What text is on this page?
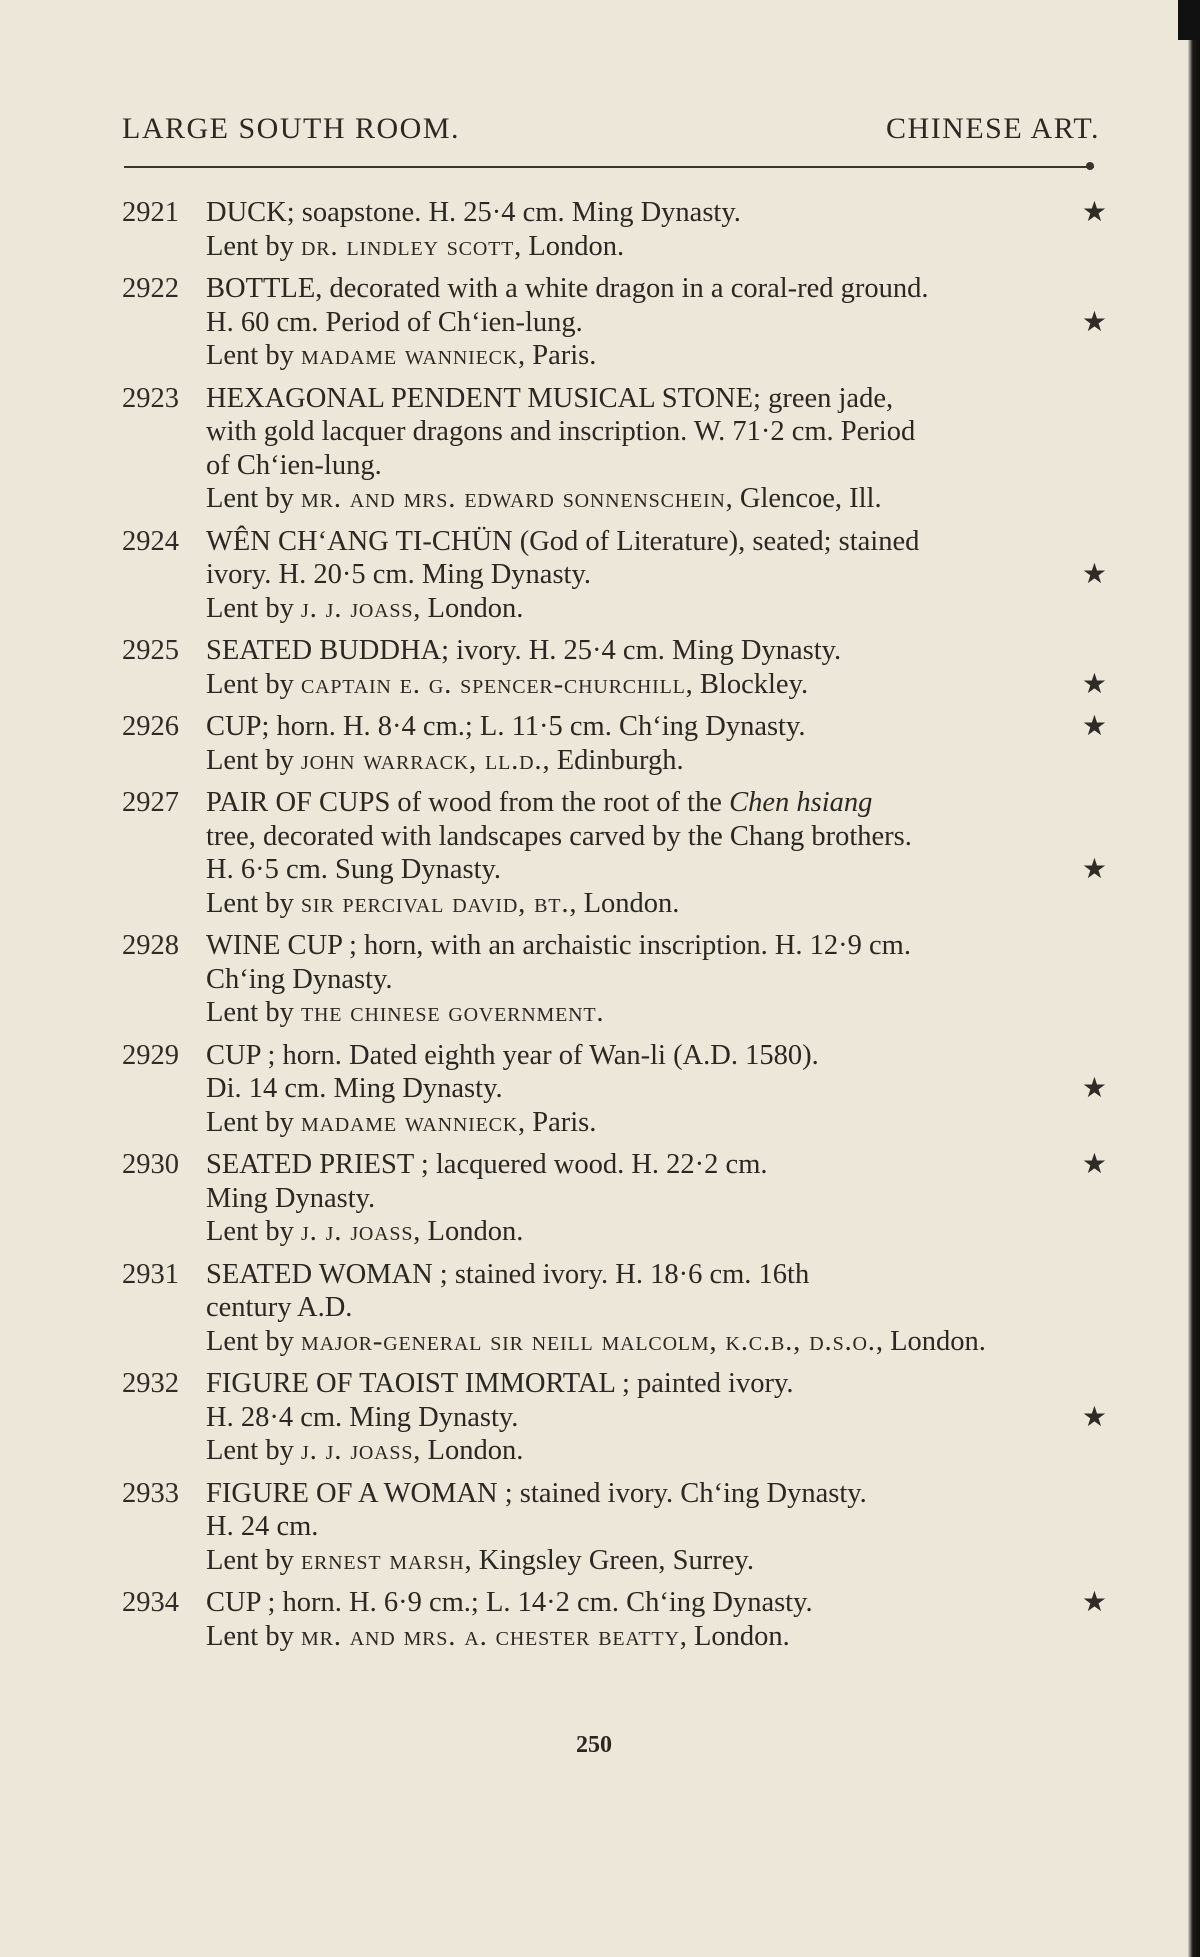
LARGE SOUTH ROOM.	CHINESE ART.
2921 DUCK; soapstone. H. 25·4 cm. Ming Dynasty.	★
Lent by dr. lindley scott, London.
2922 BOTTLE, decorated with a white dragon in a coral-red ground.
H. 60 cm. Period of Ch‘ien-lung.	★
Lent by madame wannieck, Paris.
2923 HEXAGONAL PENDENT MUSICAL STONE; green jade,
with gold lacquer dragons and inscription. W. 71·2 cm. Period
of Ch‘ien-lung.
Lent by mr. and mrs. edward sonnenschein, Glencoe, Ill.
2924 WÊN CH‘ANG TI-CHÜN (God of Literature), seated; stained
ivory. H. 20·5 cm. Ming Dynasty.	★
Lent by j. j. joass, London.
2925 SEATED BUDDHA; ivory. H. 25·4 cm. Ming Dynasty.
Lent by captain e. g. spencer-churchill, Blockley.	★
2926 CUP; horn. H. 8·4 cm.; L. 11·5 cm. Ch‘ing Dynasty.	★
Lent by john warrack, ll.d., Edinburgh.
2927 PAIR OF CUPS of wood from the root of the Chen hsiang
tree, decorated with landscapes carved by the Chang brothers.
H. 6·5 cm. Sung Dynasty.	★
Lent by sir percival david, bt., London.
2928 WINE CUP ; horn, with an archaistic inscription. H. 12·9 cm.
Ch‘ing Dynasty.
Lent by the chinese government.
2929 CUP ; horn. Dated eighth year of Wan-li (A.D. 1580).
Di. 14 cm. Ming Dynasty.	★
Lent by madame wannieck, Paris.
2930 SEATED PRIEST ; lacquered wood. H. 22·2 cm.	★
Ming Dynasty.
Lent by j. j. joass, London.
2931 SEATED WOMAN ; stained ivory. H. 18·6 cm. 16th
century A.D.
Lent by major-general sir neill malcolm, k.c.b., d.s.o., London.
2932 FIGURE OF TAOIST IMMORTAL ; painted ivory.
H. 28·4 cm. Ming Dynasty.	★
Lent by j. j. joass, London.
2933 FIGURE OF A WOMAN ; stained ivory. Ch‘ing Dynasty.
H. 24 cm.
Lent by ernest marsh, Kingsley Green, Surrey.
2934 CUP ; horn. H. 6·9 cm.; L. 14·2 cm. Ch‘ing Dynasty.	★
Lent by mr. and mrs. a. chester beatty, London.
250
